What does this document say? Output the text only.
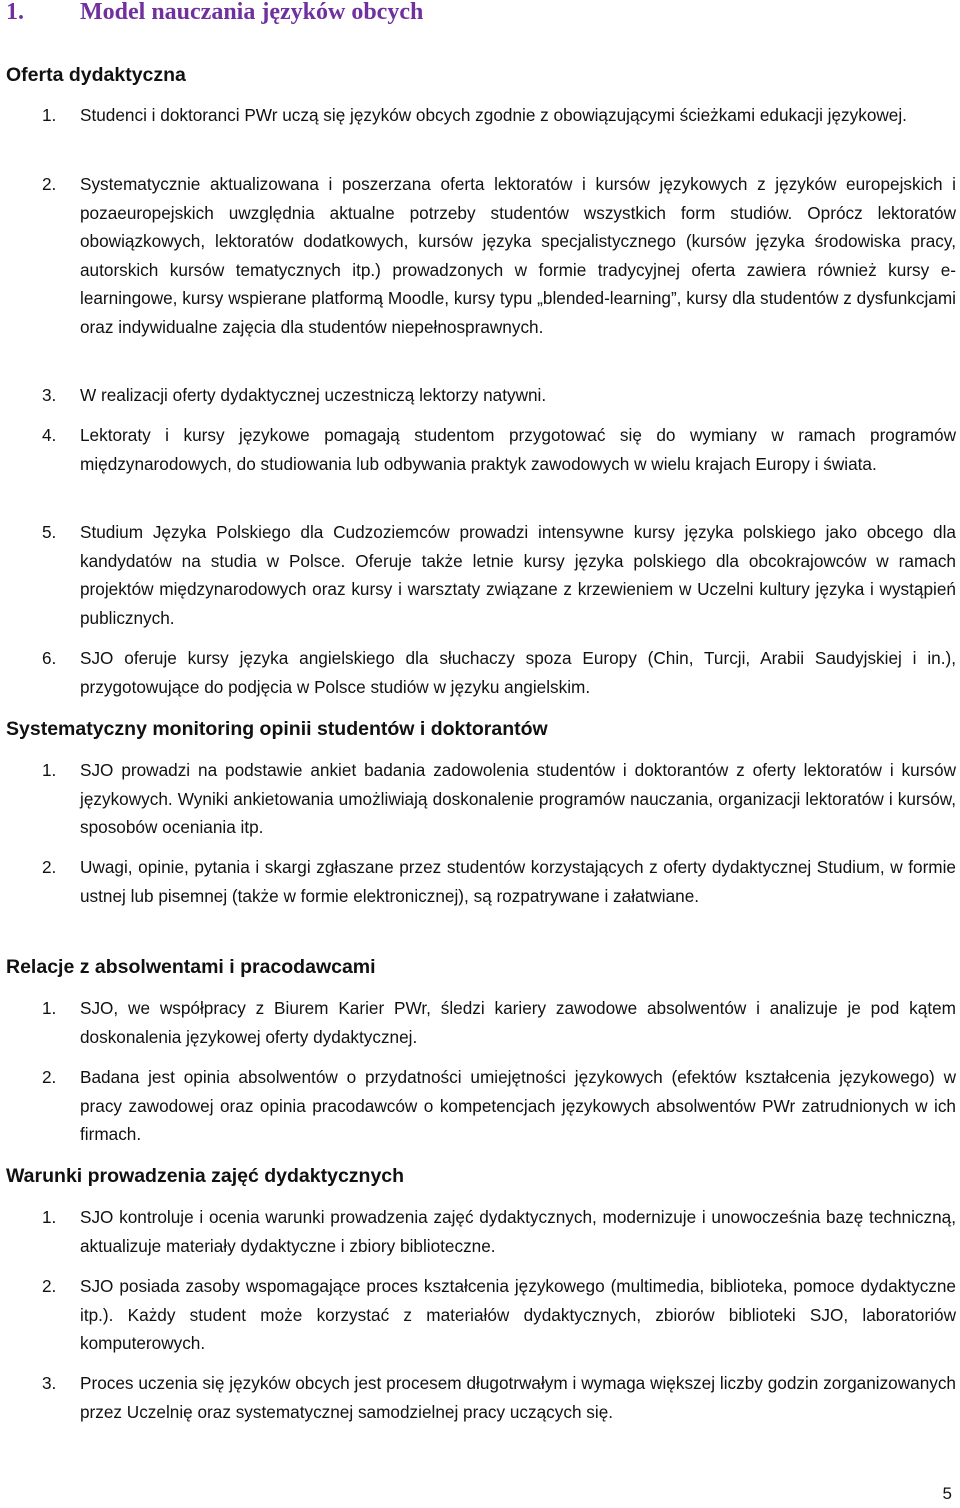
1. Model nauczania języków obcych
Oferta dydaktyczna
1. Studenci i doktoranci PWr uczą się języków obcych zgodnie z obowiązującymi ścieżkami edukacji językowej.
2. Systematycznie aktualizowana i poszerzana oferta lektoratów i kursów językowych z języków europejskich i pozaeuropejskich uwzględnia aktualne potrzeby studentów wszystkich form studiów. Oprócz lektoratów obowiązkowych, lektoratów dodatkowych, kursów języka specjalistycznego (kursów języka środowiska pracy, autorskich kursów tematycznych itp.) prowadzonych w formie tradycyjnej oferta zawiera również kursy e-learningowe, kursy wspierane platformą Moodle, kursy typu „blended-learning”, kursy dla studentów z dysfunkcjami oraz indywidualne zajęcia dla studentów niepełnosprawnych.
3. W realizacji oferty dydaktycznej uczestniczą lektorzy natywni.
4. Lektoraty i kursy językowe pomagają studentom przygotować się do wymiany w ramach programów międzynarodowych, do studiowania lub odbywania praktyk zawodowych w wielu krajach Europy i świata.
5. Studium Języka Polskiego dla Cudzoziemców prowadzi intensywne kursy języka polskiego jako obcego dla kandydatów na studia w Polsce. Oferuje także letnie kursy języka polskiego dla obcokrajowców w ramach projektów międzynarodowych oraz kursy i warsztaty związane z krzewieniem w Uczelni kultury języka i wystąpień publicznych.
6. SJO oferuje kursy języka angielskiego dla słuchaczy spoza Europy (Chin, Turcji, Arabii Saudyjskiej i in.), przygotowujące do podjęcia w Polsce studiów w języku angielskim.
Systematyczny monitoring opinii studentów i doktorantów
1. SJO prowadzi na podstawie ankiet badania zadowolenia studentów i doktorantów z oferty lektoratów i kursów językowych. Wyniki ankietowania umożliwiają doskonalenie programów nauczania, organizacji lektoratów i kursów, sposobów oceniania itp.
2. Uwagi, opinie, pytania i skargi zgłaszane przez studentów korzystających z oferty dydaktycznej Studium, w formie ustnej lub pisemnej (także w formie elektronicznej), są rozpatrywane i załatwiane.
Relacje z absolwentami i pracodawcami
1. SJO, we współpracy z Biurem Karier PWr, śledzi kariery zawodowe absolwentów i analizuje je pod kątem doskonalenia językowej oferty dydaktycznej.
2. Badana jest opinia absolwentów o przydatności umiejętności językowych (efektów kształcenia językowego) w pracy zawodowej oraz opinia pracodawców o kompetencjach językowych absolwentów PWr zatrudnionych w ich firmach.
Warunki prowadzenia zajęć dydaktycznych
1. SJO kontroluje i ocenia warunki prowadzenia zajęć dydaktycznych, modernizuje i unowocześnia bazę techniczną, aktualizuje materiały dydaktyczne i zbiory biblioteczne.
2. SJO posiada zasoby wspomagające proces kształcenia językowego (multimedia, biblioteka, pomoce dydaktyczne itp.). Każdy student może korzystać z materiałów dydaktycznych, zbiorów biblioteki SJO, laboratoriów komputerowych.
3. Proces uczenia się języków obcych jest procesem długotrwałym i wymaga większej liczby godzin zorganizowanych przez Uczelnię oraz systematycznej samodzielnej pracy uczących się.
5
